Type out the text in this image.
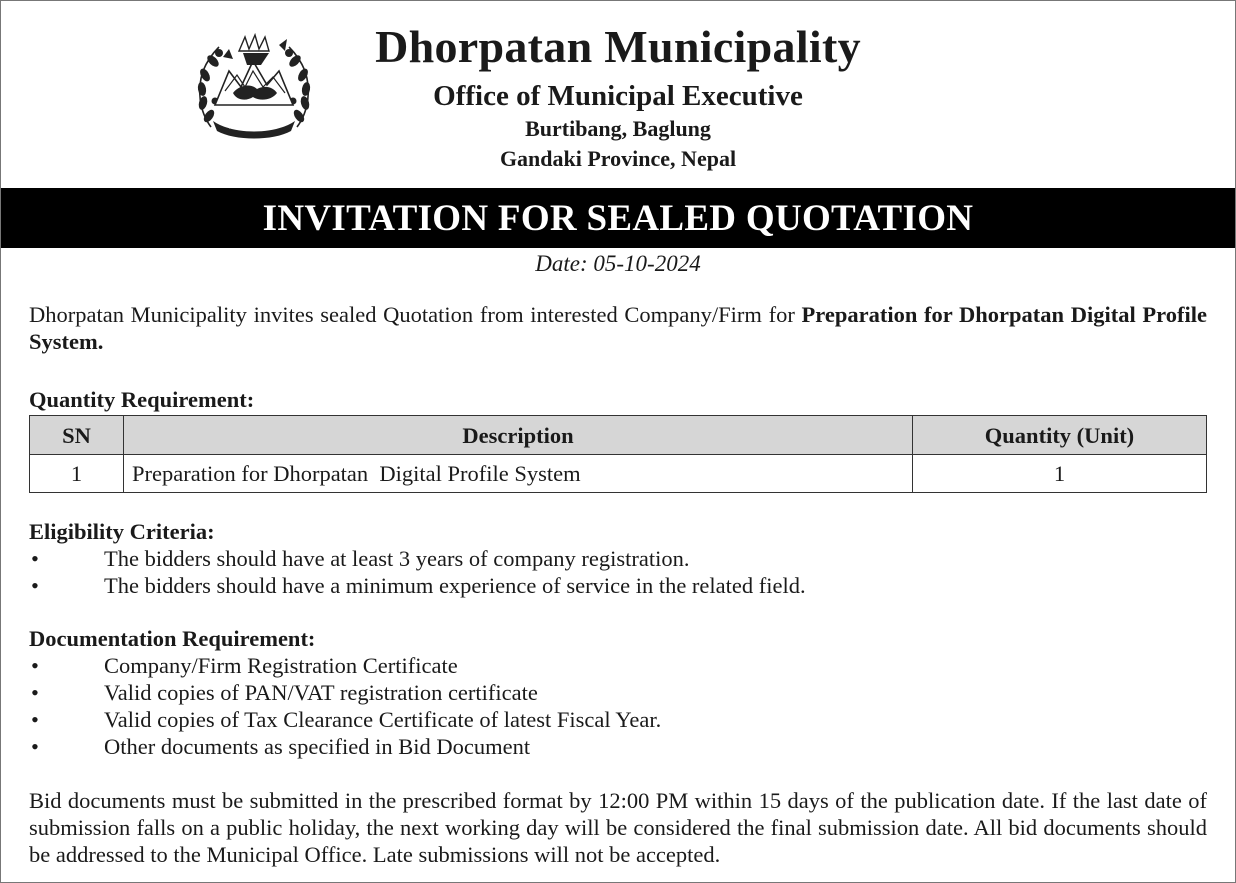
Dhorpatan Municipality
Office of Municipal Executive
Burtibang, Baglung
Gandaki Province, Nepal
INVITATION FOR SEALED QUOTATION
Date: 05-10-2024

Dhorpatan Municipality invites sealed Quotation from interested Company/Firm for Preparation for Dhorpatan Digital Profile System.

Quantity Requirement:

SN	Description	Quantity (Unit)
1	Preparation for Dhorpatan  Digital Profile System	1

Eligibility Criteria:

•	The bidders should have at least 3 years of company registration.
•	The bidders should have a minimum experience of service in the related field.

Documentation Requirement:

•	Company/Firm Registration Certificate
•	Valid copies of PAN/VAT registration certificate
•	Valid copies of Tax Clearance Certificate of latest Fiscal Year.
•	Other documents as specified in Bid Document

Bid documents must be submitted in the prescribed format by 12:00 PM within 15 days of the publication date. If the last date of submission falls on a public holiday, the next working day will be considered the final submission date. All bid documents should be addressed to the Municipal Office. Late submissions will not be accepted.
